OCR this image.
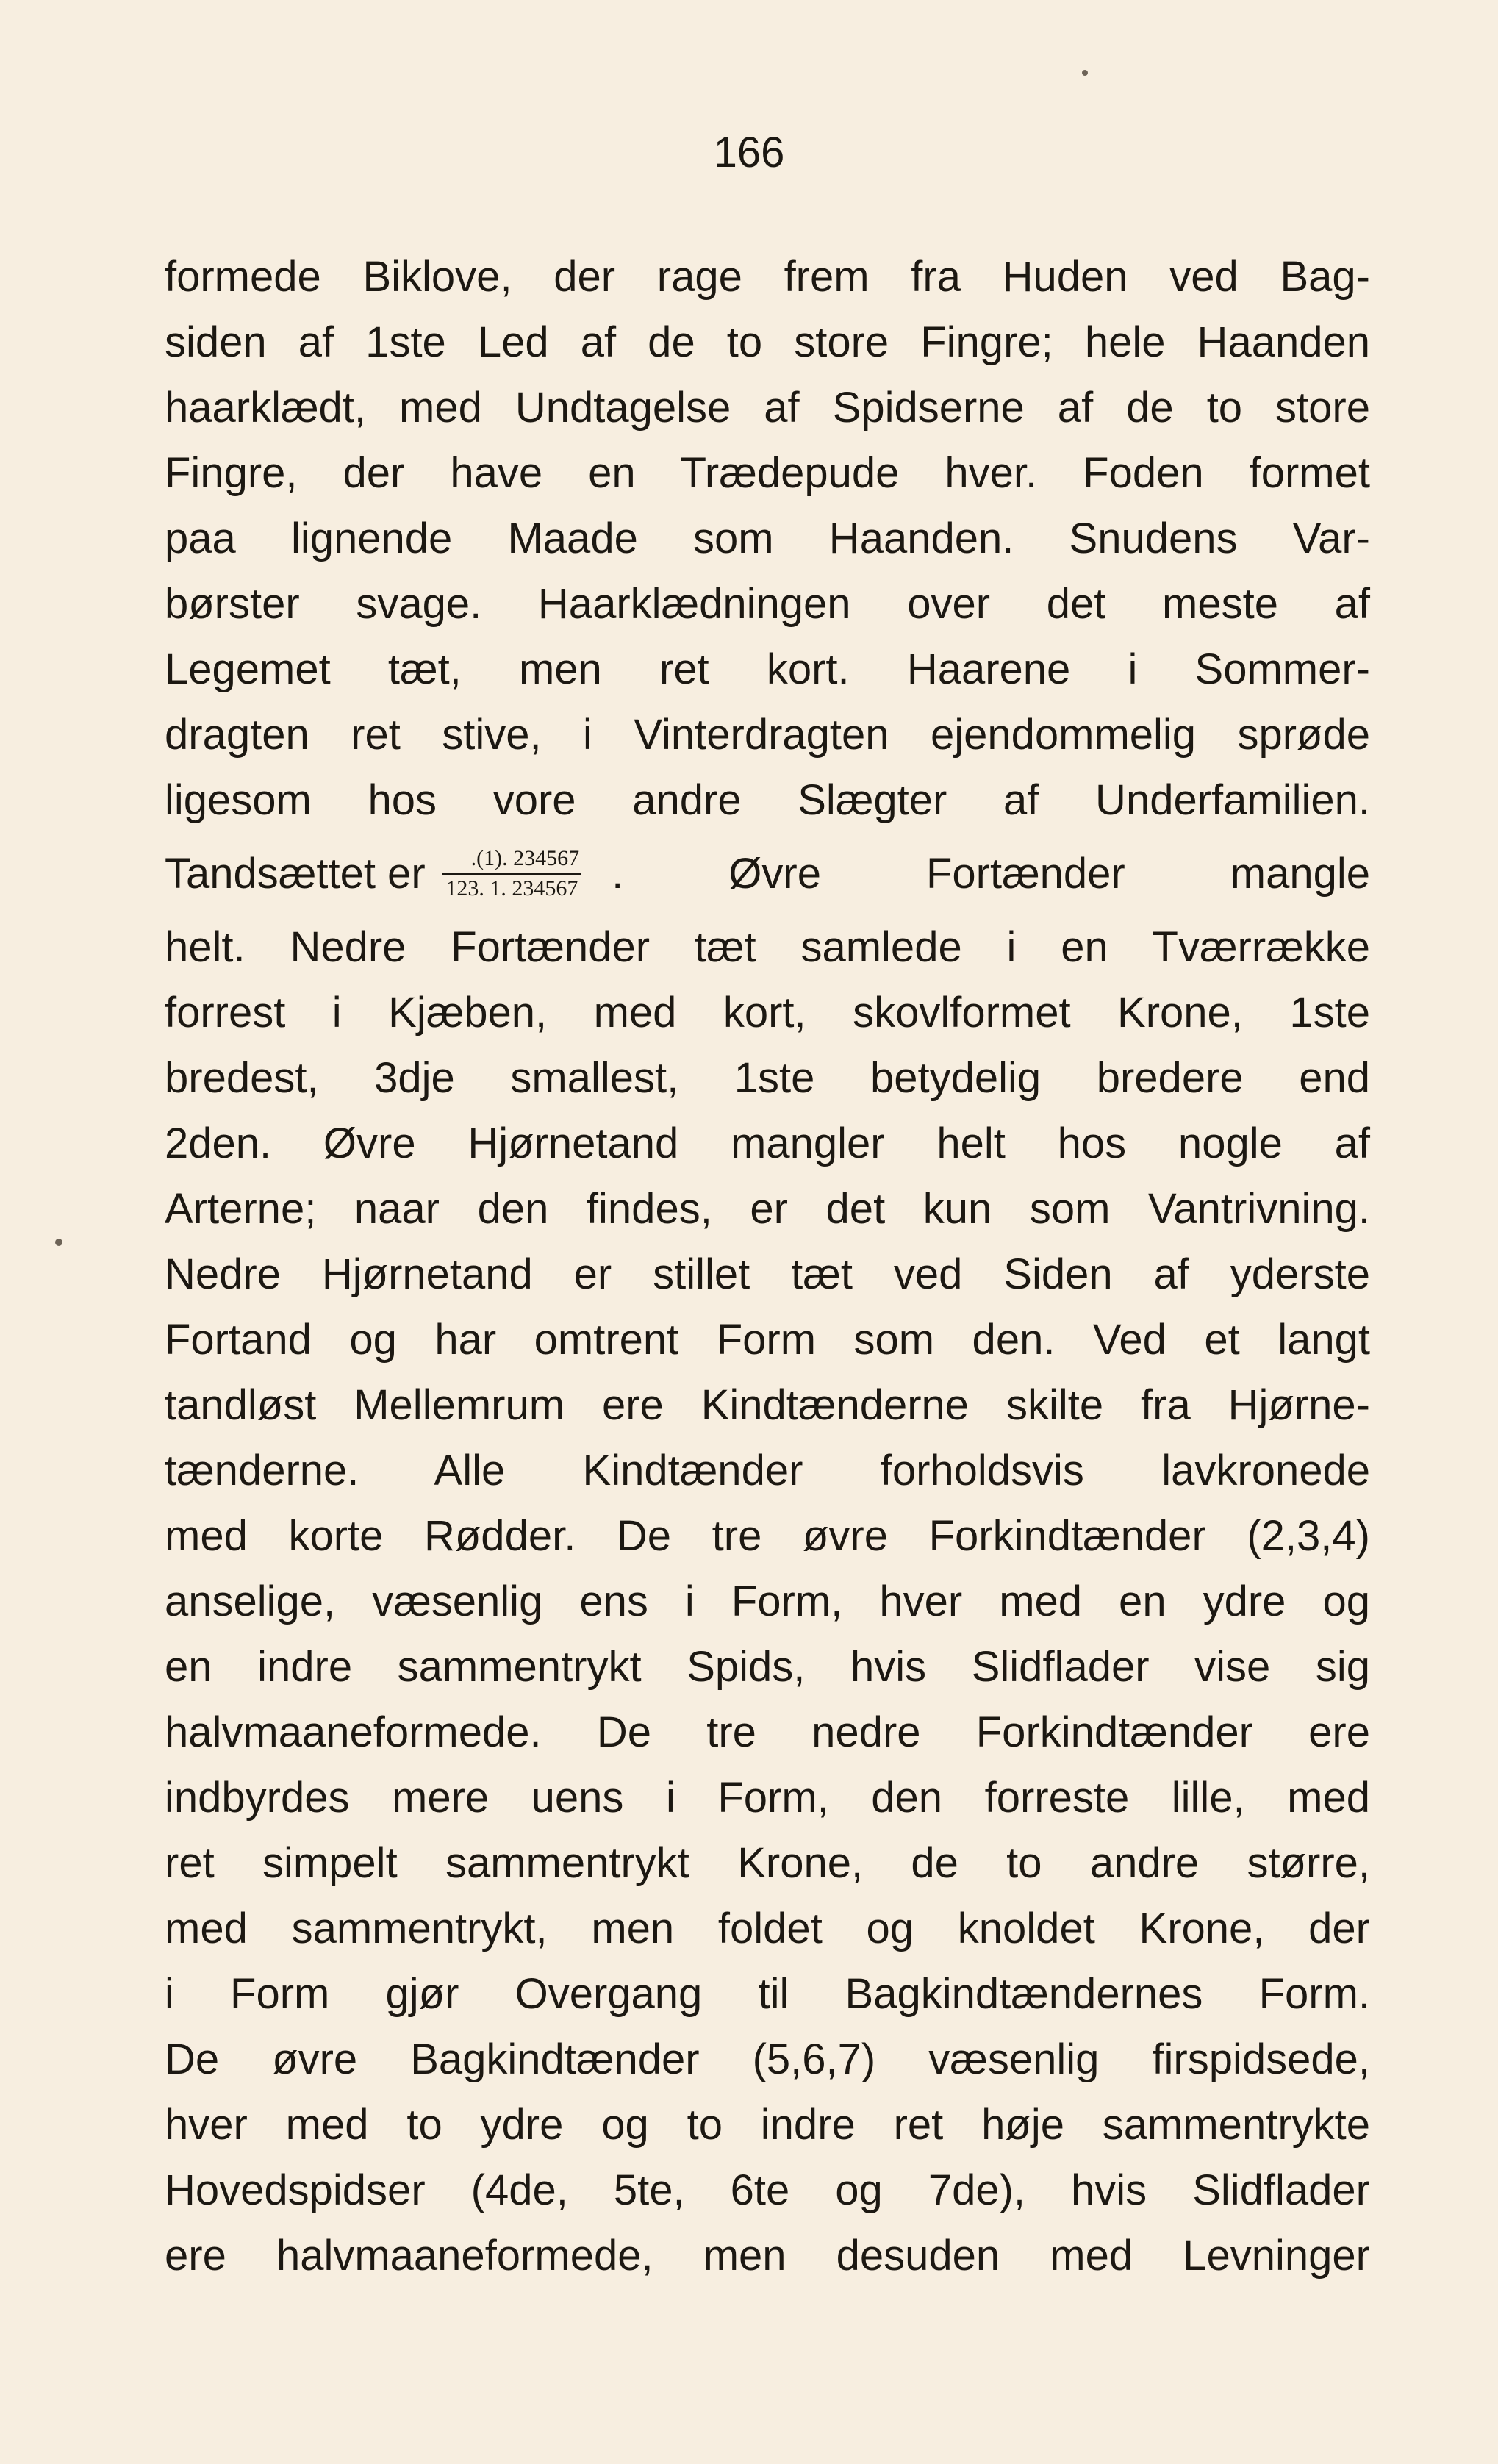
166
formede Biklove, der rage frem fra Huden ved Bag-
siden af 1ste Led af de to store Fingre; hele Haanden
haarklædt, med Undtagelse af Spidserne af de to store
Fingre, der have en Trædepude hver. Foden formet
paa lignende Maade som Haanden. Snudens Var-
børster svage. Haarklædningen over det meste af
Legemet tæt, men ret kort. Haarene i Sommer-
dragten ret stive, i Vinterdragten ejendommelig sprøde
ligesom hos vore andre Slægter af Underfamilien.
Tandsættet er $\frac{.(1). 234567}{123. 1. 234567}$ . Øvre Fortænder mangle
helt. Nedre Fortænder tæt samlede i en Tværrække
forrest i Kjæben, med kort, skovlformet Krone, 1ste
bredest, 3dje smallest, 1ste betydelig bredere end
2den. Øvre Hjørnetand mangler helt hos nogle af
Arterne; naar den findes, er det kun som Vantrivning.
Nedre Hjørnetand er stillet tæt ved Siden af yderste
Fortand og har omtrent Form som den. Ved et langt
tandløst Mellemrum ere Kindtænderne skilte fra Hjørne-
tænderne. Alle Kindtænder forholdsvis lavkronede
med korte Rødder. De tre øvre Forkindtænder (2,3,4)
anselige, væsenlig ens i Form, hver med en ydre og
en indre sammentrykt Spids, hvis Slidflader vise sig
halvmaaneformede. De tre nedre Forkindtænder ere
indbyrdes mere uens i Form, den forreste lille, med
ret simpelt sammentrykt Krone, de to andre større,
med sammentrykt, men foldet og knoldet Krone, der
i Form gjør Overgang til Bagkindtændernes Form.
De øvre Bagkindtænder (5,6,7) væsenlig firspidsede,
hver med to ydre og to indre ret høje sammentrykte
Hovedspidser (4de, 5te, 6te og 7de), hvis Slidflader
ere halvmaaneformede, men desuden med Levninger
